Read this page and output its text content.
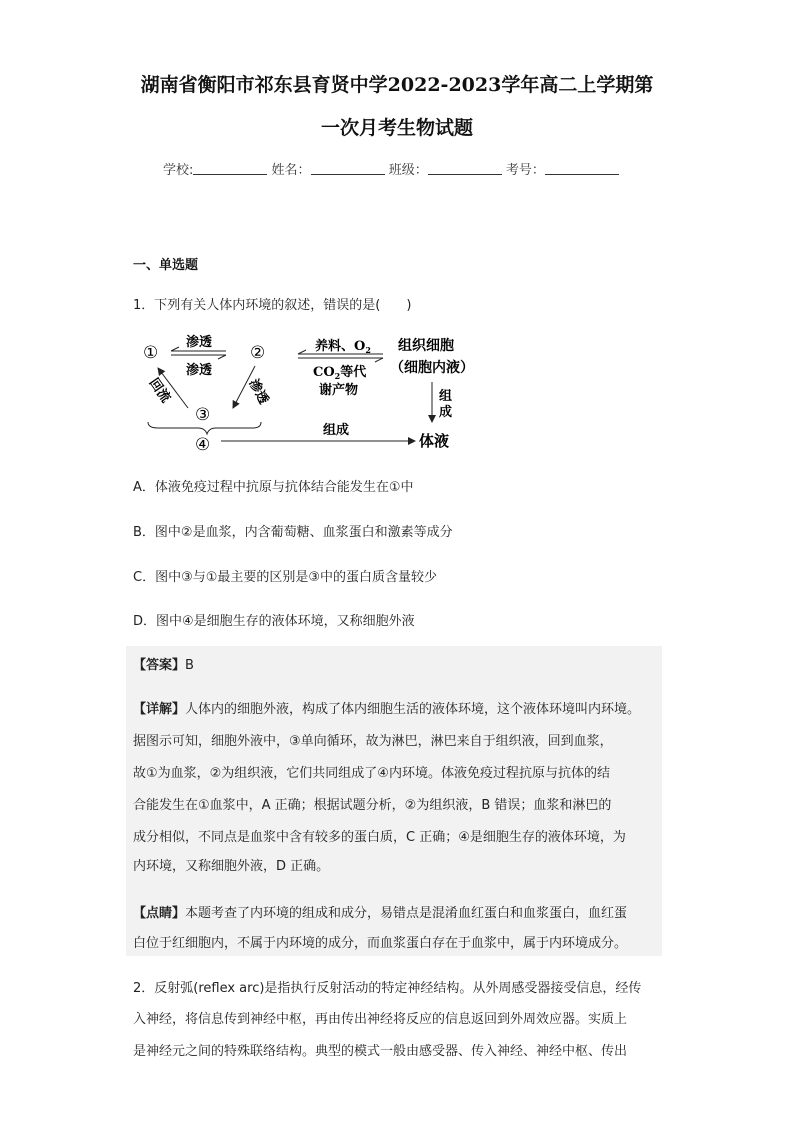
湖南省衡阳市祁东县育贤中学2022-2023学年高二上学期第
一次月考生物试题
学校:	姓名：	班级：	考号：
一、单选题
1．下列有关人体内环境的叙述，错误的是(　　)
①	②
③
④
渗透
渗透
渗透
回流
养料、$O_2$
$CO_2$等代
谢产物
组织细胞
（细胞内液）
组
成
组成
体液
A．体液免疫过程中抗原与抗体结合能发生在①中
B．图中②是血浆，内含葡萄糖、血浆蛋白和激素等成分
C．图中③与①最主要的区别是③中的蛋白质含量较少
D．图中④是细胞生存的液体环境，又称细胞外液
【答案】B
【详解】人体内的细胞外液，构成了体内细胞生活的液体环境，这个液体环境叫内环境。
据图示可知，细胞外液中，③单向循环，故为淋巴，淋巴来自于组织液，回到血浆，
故①为血浆，②为组织液，它们共同组成了④内环境。体液免疫过程抗原与抗体的结
合能发生在①血浆中，A 正确；根据试题分析，②为组织液，B 错误；血浆和淋巴的
成分相似，不同点是血浆中含有较多的蛋白质，C 正确；④是细胞生存的液体环境，为
内环境，又称细胞外液，D 正确。
【点睛】本题考查了内环境的组成和成分，易错点是混淆血红蛋白和血浆蛋白，血红蛋
白位于红细胞内，不属于内环境的成分，而血浆蛋白存在于血浆中，属于内环境成分。
2．反射弧(reflex arc)是指执行反射活动的特定神经结构。从外周感受器接受信息，经传
入神经，将信息传到神经中枢，再由传出神经将反应的信息返回到外周效应器。实质上
是神经元之间的特殊联络结构。典型的模式一般由感受器、传入神经、神经中枢、传出
